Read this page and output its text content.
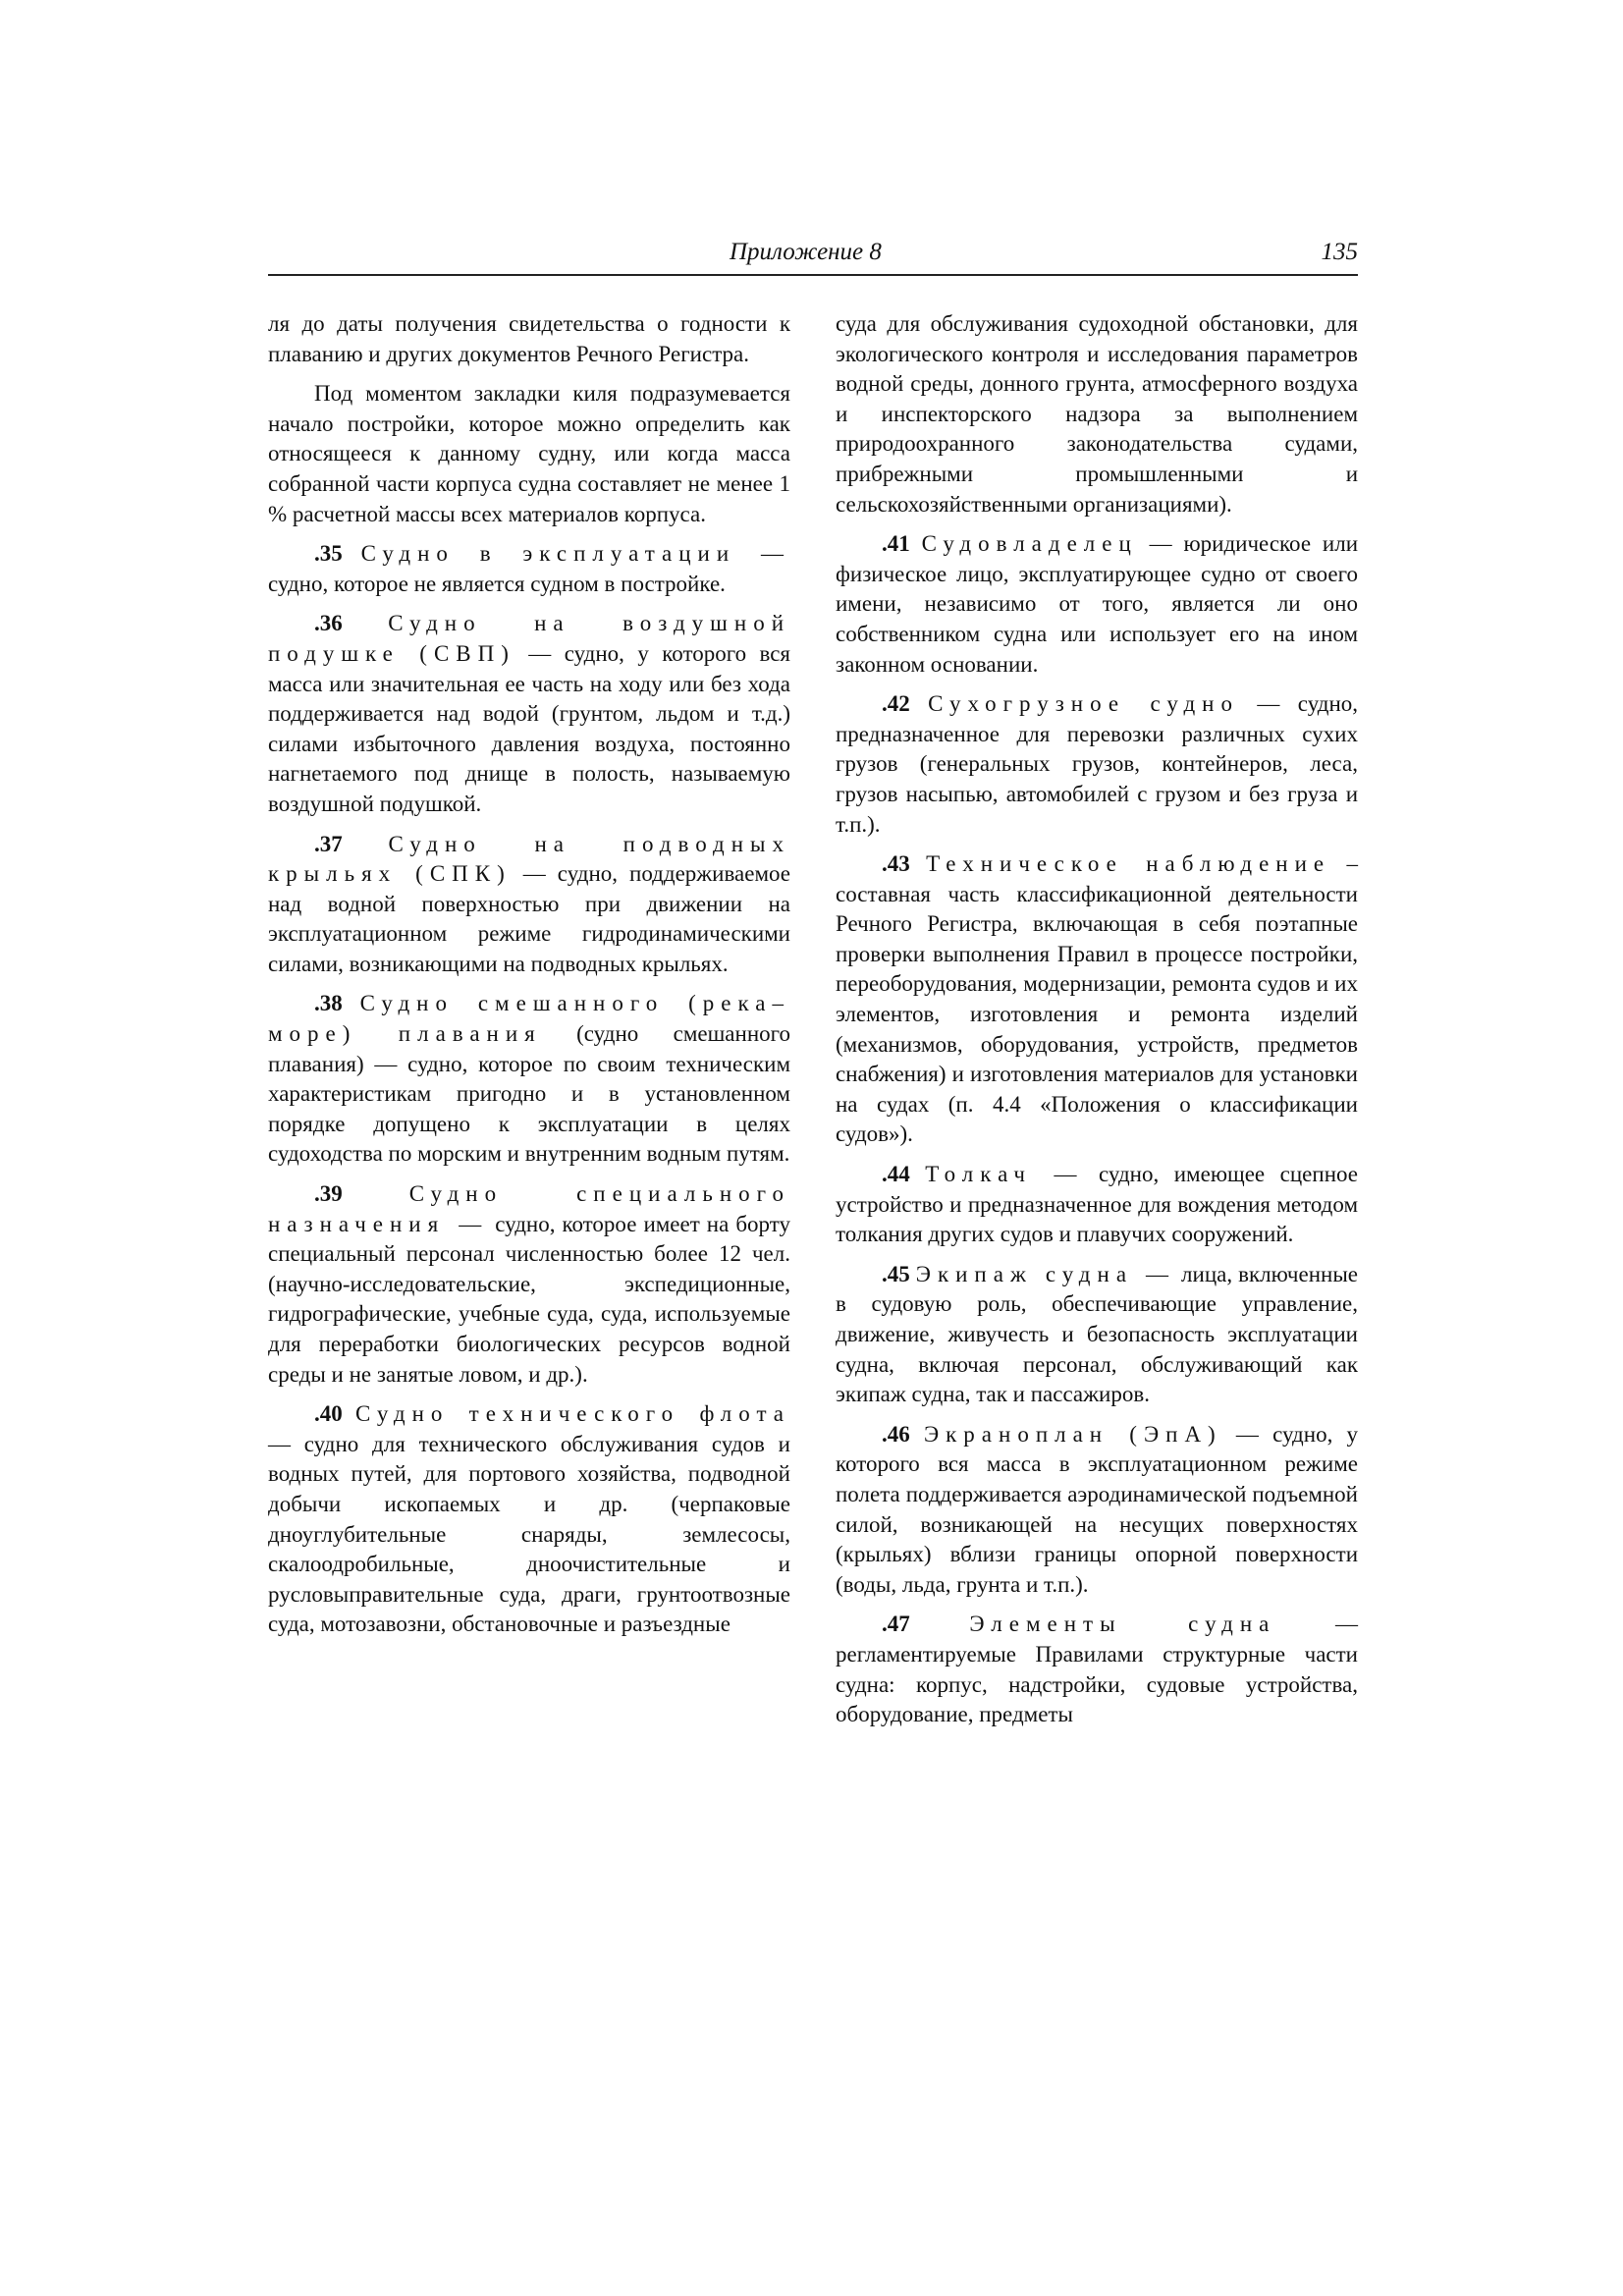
Приложение 8	135

ля до даты получения свидетельства о годности к плаванию и других документов Речного Регистра.

Под моментом закладки киля подразумевается начало постройки, которое можно определить как относящееся к данному судну, или когда масса собранной части корпуса судна составляет не менее 1 % расчетной массы всех материалов корпуса.

.35 Судно в эксплуатации — судно, которое не является судном в постройке.

.36 Судно на воздушной подушке (СВП) — судно, у которого вся масса или значительная ее часть на ходу или без хода поддерживается над водой (грунтом, льдом и т.д.) силами избыточного давления воздуха, постоянно нагнетаемого под днище в полость, называемую воздушной подушкой.

.37 Судно на подводных крыльях (СПК) — судно, поддерживаемое над водной поверхностью при движении на эксплуатационном режиме гидродинамическими силами, возникающими на подводных крыльях.

.38 Судно смешанного (река–море) плавания (судно смешанного плавания) — судно, которое по своим техническим характеристикам пригодно и в установленном порядке допущено к эксплуатации в целях судоходства по морским и внутренним водным путям.

.39	Судно специального назначения — судно, которое имеет на борту специальный персонал численностью более 12 чел. (научно-исследовательские, экспедиционные, гидрографические, учебные суда, суда, используемые для переработки биологических ресурсов водной среды и не занятые ловом, и др.).

.40 Судно технического флота — судно для технического обслуживания судов и водных путей, для портового хозяйства, подводной добычи ископаемых и др. (черпаковые дноуглубительные снаряды, землесосы, скалоодробильные, дноочистительные и русловыправительные суда, драги, грунтоотвозные суда, мотозавозни, обстановочные и разъездные

суда для обслуживания судоходной обстановки, для экологического контроля и исследования параметров водной среды, донного грунта, атмосферного воздуха и инспекторского надзора за выполнением природоохранного законодательства судами, прибрежными промышленными и сельскохозяйственными организациями).

.41 Судовладелец — юридическое или физическое лицо, эксплуатирующее судно от своего имени, независимо от того, является ли оно собственником судна или использует его на ином законном основании.

.42 Сухогрузное судно — судно, предназначенное для перевозки различных сухих грузов (генеральных грузов, контейнеров, леса, грузов насыпью, автомобилей с грузом и без груза и т.п.).

.43 Техническое наблюдение – составная часть классификационной деятельности Речного Регистра, включающая в себя поэтапные проверки выполнения Правил в процессе постройки, переоборудования, модернизации, ремонта судов и их элементов, изготовления и ремонта изделий (механизмов, оборудования, устройств, предметов снабжения) и изготовления материалов для установки на судах (п. 4.4 «Положения о классификации судов»).

.44 Толкач — судно, имеющее сцепное устройство и предназначенное для вождения методом толкания других судов и плавучих сооружений.

.45 Экипаж судна — лица, включенные в судовую роль, обеспечивающие управление, движение, живучесть и безопасность эксплуатации судна, включая персонал, обслуживающий как экипаж судна, так и пассажиров.

.46 Экраноплан (ЭпА) — судно, у которого вся масса в эксплуатационном режиме полета поддерживается аэродинамической подъемной силой, возникающей на несущих поверхностях (крыльях) вблизи границы опорной поверхности (воды, льда, грунта и т.п.).

.47	Элементы судна — регламентируемые Правилами структурные части судна: корпус, надстройки, судовые устройства, оборудование, предметы
